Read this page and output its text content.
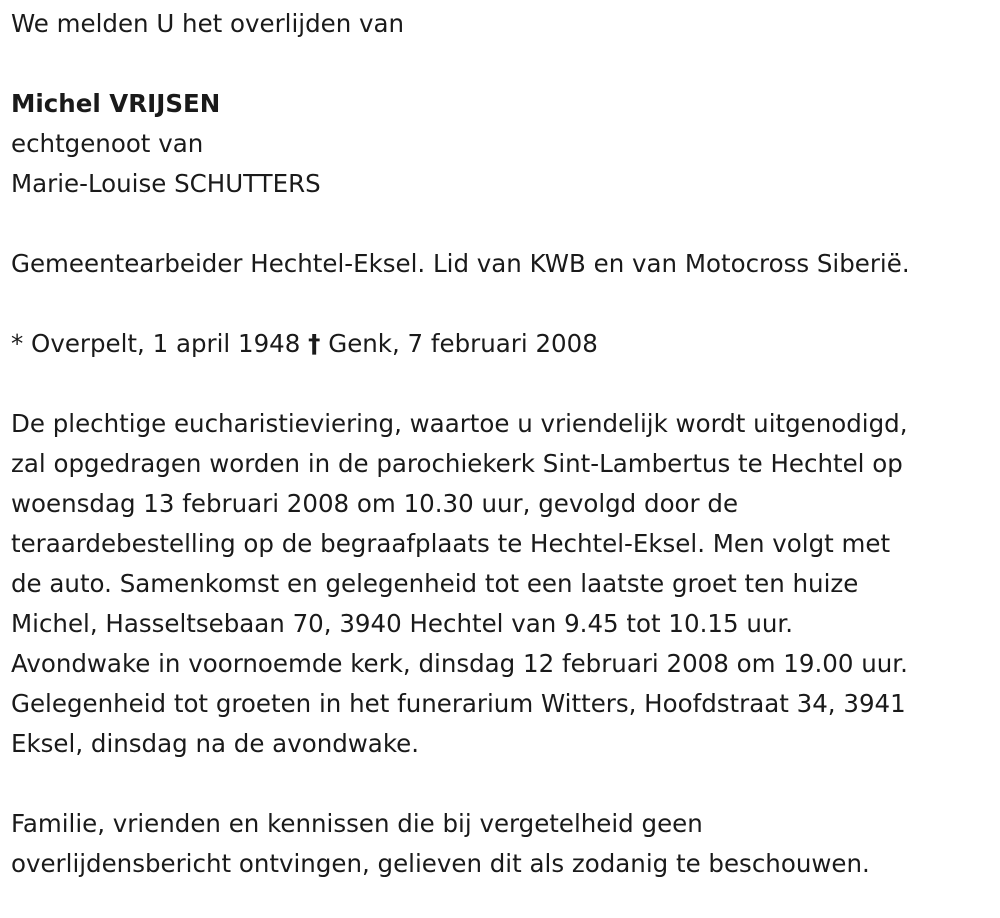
We melden U het overlijden van
Michel VRIJSEN
echtgenoot van
Marie-Louise SCHUTTERS
Gemeentearbeider Hechtel-Eksel. Lid van KWB en van Motocross Siberië.
* Overpelt, 1 april 1948 † Genk, 7 februari 2008
De plechtige eucharistieviering, waartoe u vriendelijk wordt uitgenodigd,
zal opgedragen worden in de parochiekerk Sint-Lambertus te Hechtel op
woensdag 13 februari 2008 om 10.30 uur, gevolgd door de
teraardebestelling op de begraafplaats te Hechtel-Eksel. Men volgt met
de auto. Samenkomst en gelegenheid tot een laatste groet ten huize
Michel, Hasseltsebaan 70, 3940 Hechtel van 9.45 tot 10.15 uur.
Avondwake in voornoemde kerk, dinsdag 12 februari 2008 om 19.00 uur.
Gelegenheid tot groeten in het funerarium Witters, Hoofdstraat 34, 3941
Eksel, dinsdag na de avondwake.
Familie, vrienden en kennissen die bij vergetelheid geen
overlijdensbericht ontvingen, gelieven dit als zodanig te beschouwen.
